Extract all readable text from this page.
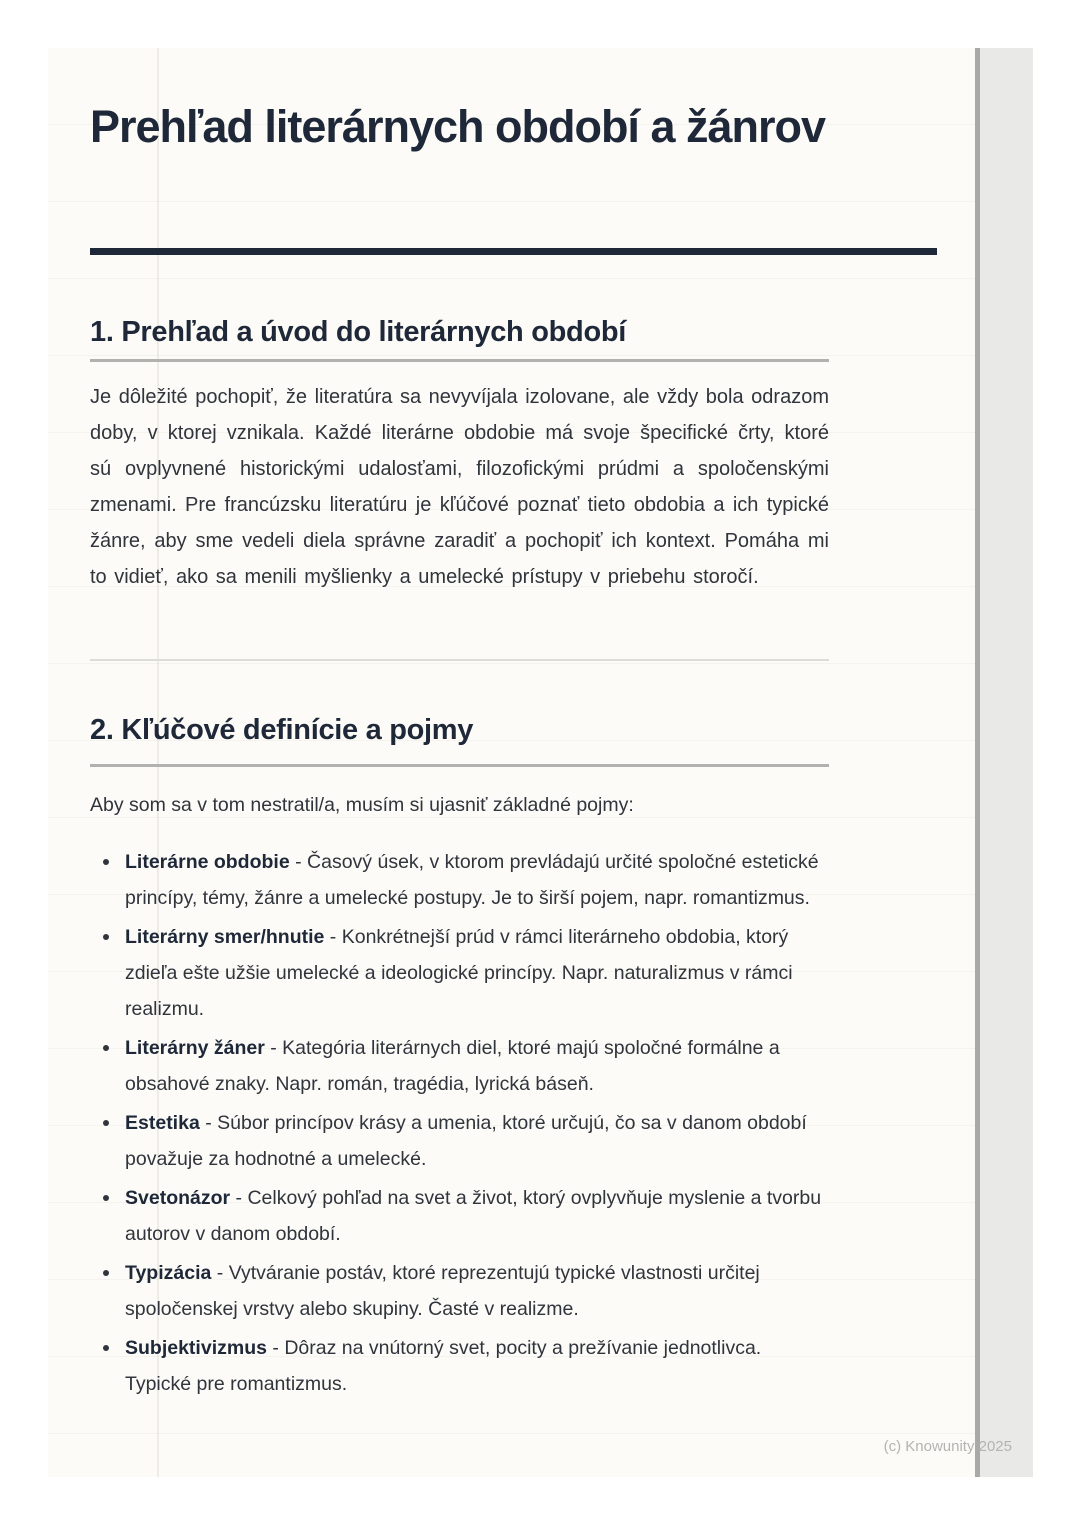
Prehľad literárnych období a žánrov
1. Prehľad a úvod do literárnych období

Je dôležité pochopiť, že literatúra sa nevyvíjala izolovane, ale vždy bola odrazom doby, v ktorej vznikala. Každé literárne obdobie má svoje špecifické črty, ktoré sú ovplyvnené historickými udalosťami, filozofickými prúdmi a spoločenskými zmenami. Pre francúzsku literatúru je kľúčové poznať tieto obdobia a ich typické žánre, aby sme vedeli diela správne zaradiť a pochopiť ich kontext. Pomáha mi to vidieť, ako sa menili myšlienky a umelecké prístupy v priebehu storočí.

2. Kľúčové definície a pojmy

Aby som sa v tom nestratil/a, musím si ujasniť základné pojmy:

Literárne obdobie - Časový úsek, v ktorom prevládajú určité spoločné estetické princípy, témy, žánre a umelecké postupy. Je to širší pojem, napr. romantizmus.
Literárny smer/hnutie - Konkrétnejší prúd v rámci literárneho obdobia, ktorý zdieľa ešte užšie umelecké a ideologické princípy. Napr. naturalizmus v rámci realizmu.
Literárny žáner - Kategória literárnych diel, ktoré majú spoločné formálne a obsahové znaky. Napr. román, tragédia, lyrická báseň.
Estetika - Súbor princípov krásy a umenia, ktoré určujú, čo sa v danom období považuje za hodnotné a umelecké.
Svetonázor - Celkový pohľad na svet a život, ktorý ovplyvňuje myslenie a tvorbu autorov v danom období.
Typizácia - Vytváranie postáv, ktoré reprezentujú typické vlastnosti určitej spoločenskej vrstvy alebo skupiny. Časté v realizme.
Subjektivizmus - Dôraz na vnútorný svet, pocity a prežívanie jednotlivca. Typické pre romantizmus.
(c) Knowunity 2025
